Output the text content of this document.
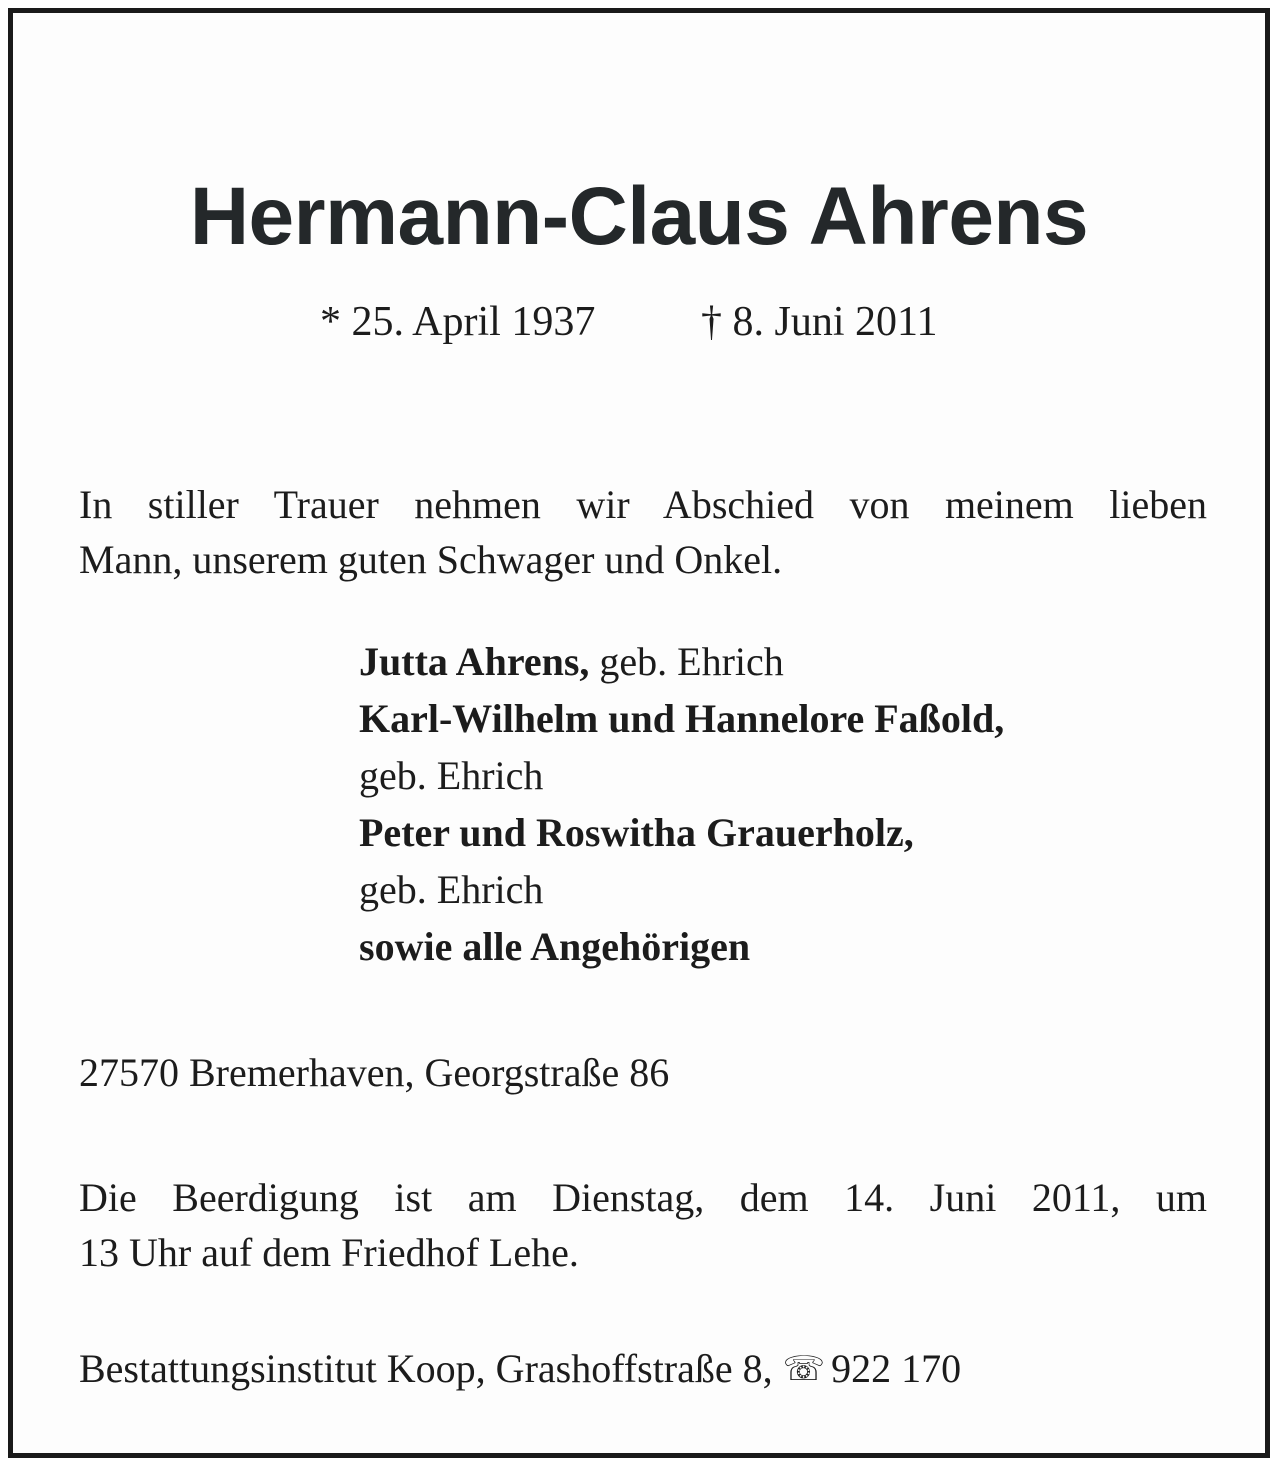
Hermann-Claus Ahrens
* 25. April 1937	† 8. Juni 2011
In stiller Trauer nehmen wir Abschied von meinem lieben
Mann, unserem guten Schwager und Onkel.
Jutta Ahrens, geb. Ehrich
Karl-Wilhelm und Hannelore Faßold,
geb. Ehrich
Peter und Roswitha Grauerholz,
geb. Ehrich
sowie alle Angehörigen
27570 Bremerhaven, Georgstraße 86
Die Beerdigung ist am Dienstag, dem 14. Juni 2011, um
13 Uhr auf dem Friedhof Lehe.
Bestattungsinstitut Koop, Grashoffstraße 8, ☏ 922 170
